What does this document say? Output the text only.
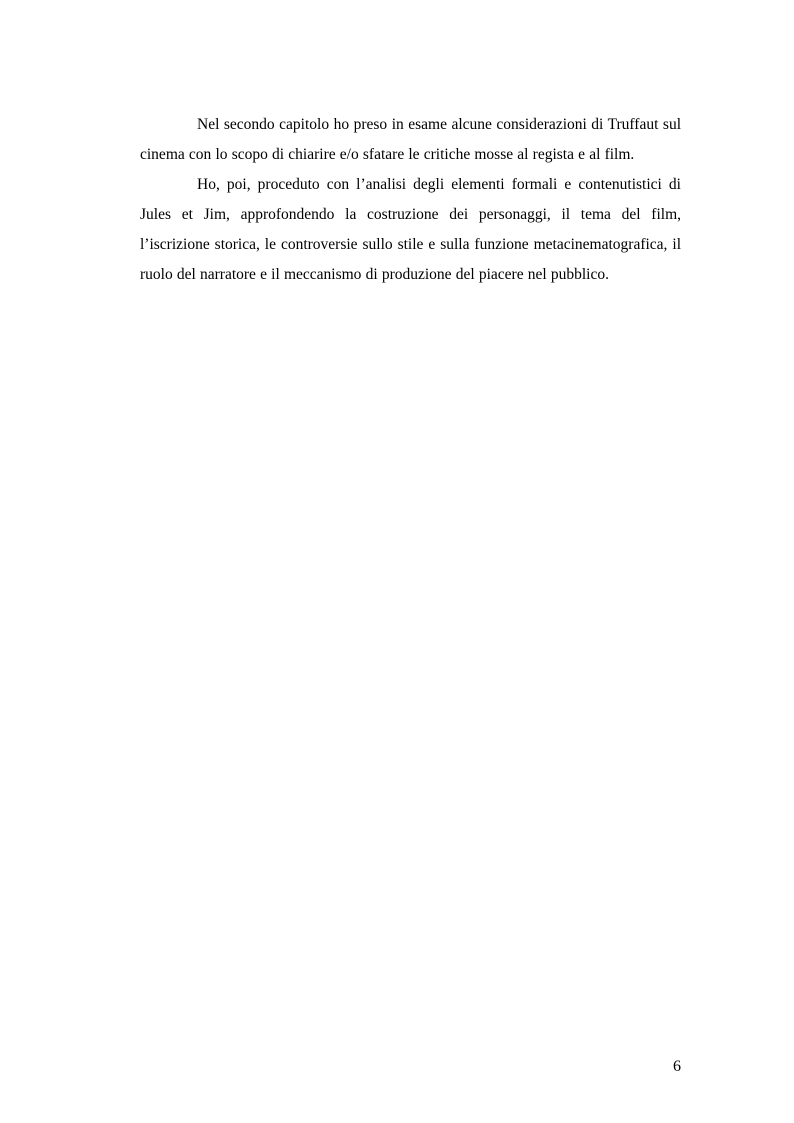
Nel secondo capitolo ho preso in esame alcune considerazioni di Truffaut sul cinema con lo scopo di chiarire e/o sfatare le critiche mosse al regista e al film.

Ho, poi, proceduto con l’analisi degli elementi formali e contenutistici di Jules et Jim, approfondendo la costruzione dei personaggi, il tema del film, l’iscrizione storica, le controversie sullo stile e sulla funzione metacinematografica, il ruolo del narratore e il meccanismo di produzione del piacere nel pubblico.

6
